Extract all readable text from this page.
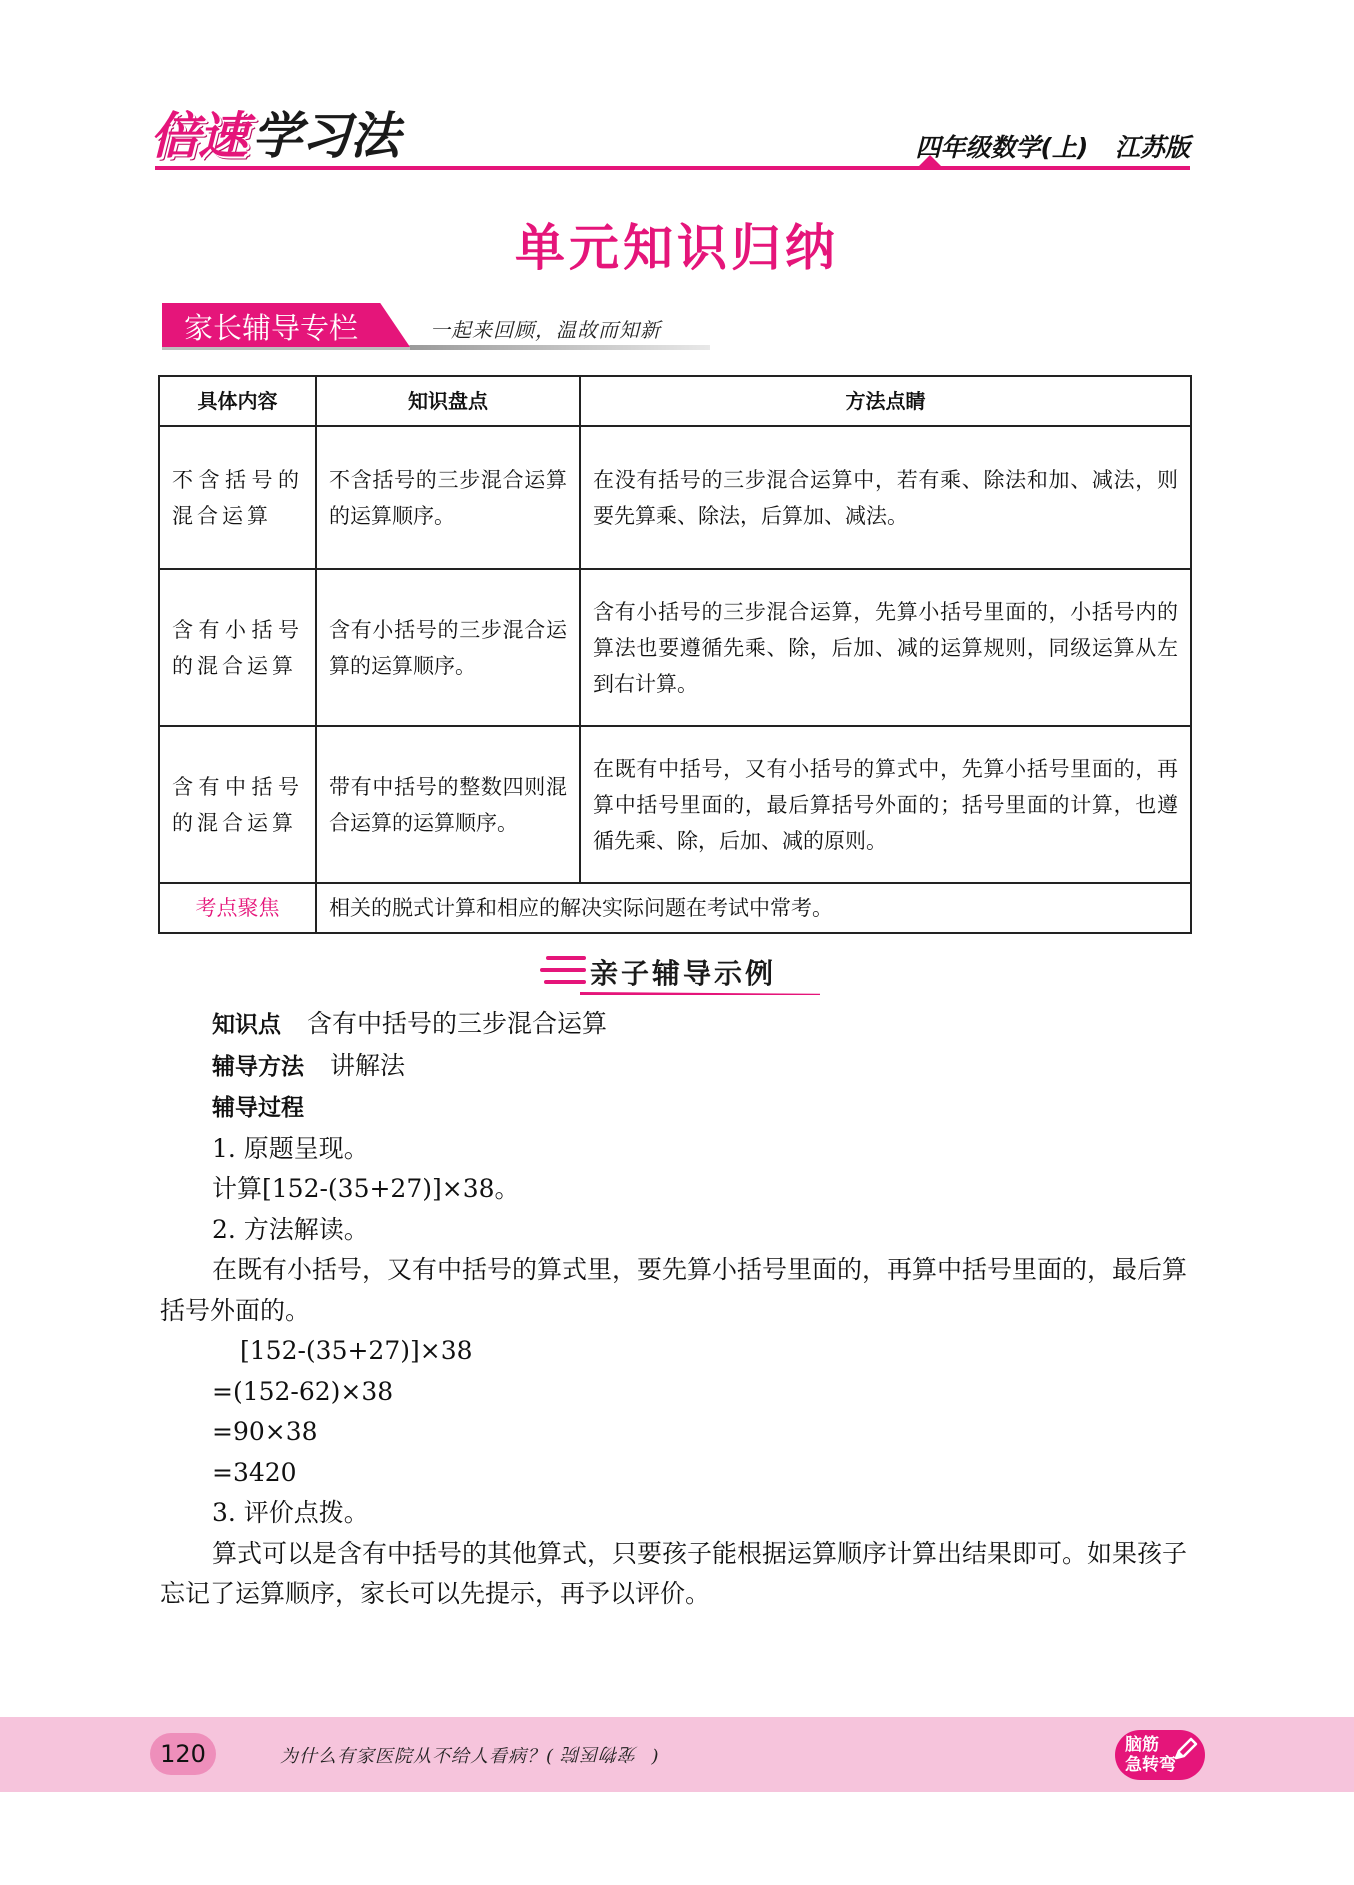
倍速 学习法	四年级数学(上) 江苏版
单元知识归纳
家长辅导专栏	一起来回顾，温故而知新
具体内容	知识盘点	方法点睛
不含括号的混合运算	不含括号的三步混合运算的运算顺序。	在没有括号的三步混合运算中，若有乘、除法和加、减法，则要先算乘、除法，后算加、减法。
含有小括号的混合运算	含有小括号的三步混合运算的运算顺序。	含有小括号的三步混合运算，先算小括号里面的，小括号内的算法也要遵循先乘、除，后加、减的运算规则，同级运算从左到右计算。
含有中括号的混合运算	带有中括号的整数四则混合运算的运算顺序。	在既有中括号，又有小括号的算式中，先算小括号里面的，再算中括号里面的，最后算括号外面的；括号里面的计算，也遵循先乘、除，后加、减的原则。
考点聚焦	相关的脱式计算和相应的解决实际问题在考试中常考。	
亲子辅导示例

知识点 含有中括号的三步混合运算

辅导方法 讲解法

辅导过程

1. 原题呈现。

计算[152-(35+27)]×38。

2. 方法解读。

在既有小括号，又有中括号的算式里，要先算小括号里面的，再算中括号里面的，最后算括号外面的。

[152-(35+27)]×38

=(152-62)×38

=90×38

=3420

3. 评价点拨。

算式可以是含有中括号的其他算式，只要孩子能根据运算顺序计算出结果即可。如果孩子忘记了运算顺序，家长可以先提示，再予以评价。

120	为什么有家医院从不给人看病？( 宠物医院 )
脑筋
急转弯
